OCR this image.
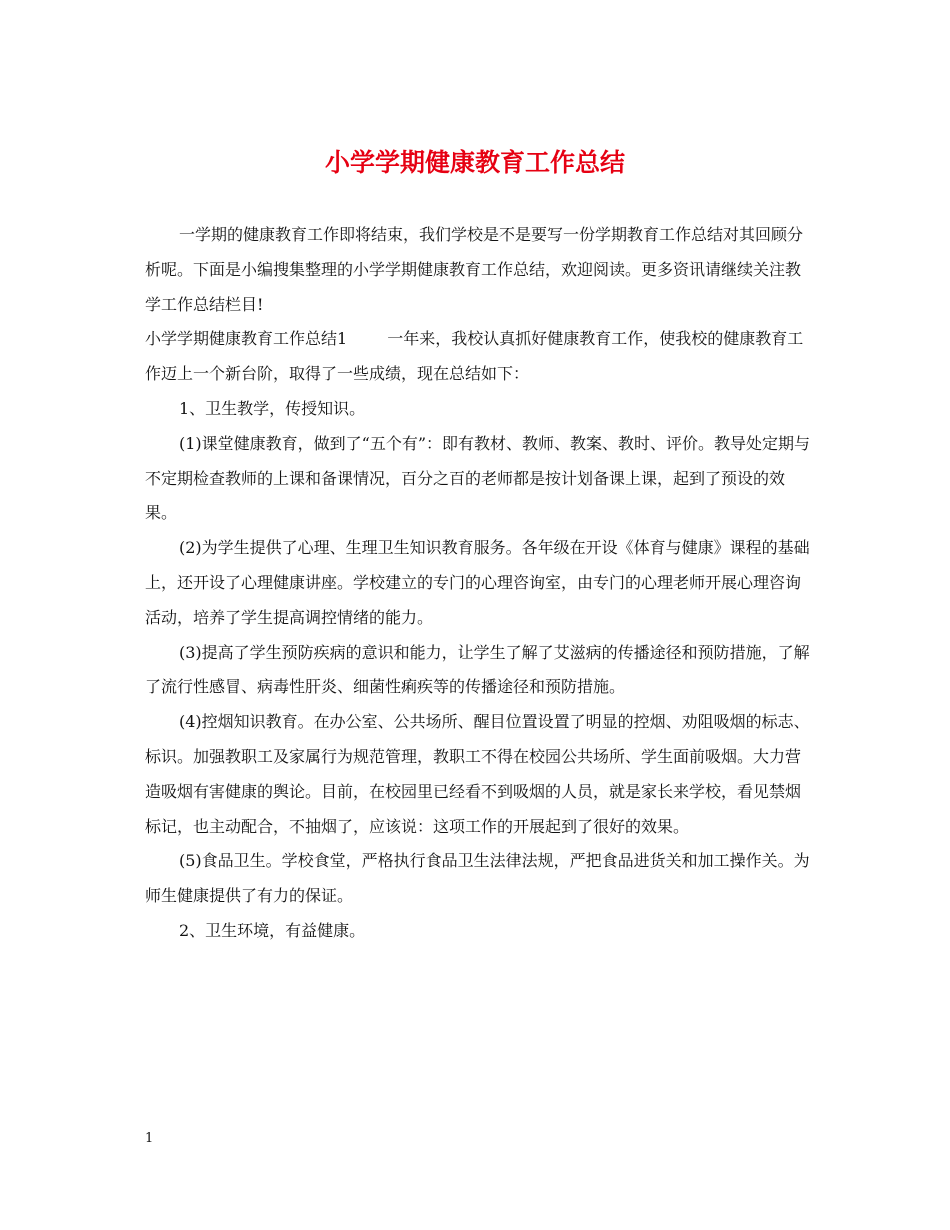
小学学期健康教育工作总结

一学期的健康教育工作即将结束，我们学校是不是要写一份学期教育工作总结对其回顾分析呢。下面是小编搜集整理的小学学期健康教育工作总结，欢迎阅读。更多资讯请继续关注教学工作总结栏目!

小学学期健康教育工作总结1	一年来，我校认真抓好健康教育工作，使我校的健康教育工作迈上一个新台阶，取得了一些成绩，现在总结如下：

1、卫生教学，传授知识。

(1)课堂健康教育，做到了“五个有”：即有教材、教师、教案、教时、评价。教导处定期与不定期检查教师的上课和备课情况，百分之百的老师都是按计划备课上课，起到了预设的效果。

(2)为学生提供了心理、生理卫生知识教育服务。各年级在开设《体育与健康》课程的基础上，还开设了心理健康讲座。学校建立的专门的心理咨询室，由专门的心理老师开展心理咨询活动，培养了学生提高调控情绪的能力。

(3)提高了学生预防疾病的意识和能力，让学生了解了艾滋病的传播途径和预防措施，了解了流行性感冒、病毒性肝炎、细菌性痢疾等的传播途径和预防措施。

(4)控烟知识教育。在办公室、公共场所、醒目位置设置了明显的控烟、劝阻吸烟的标志、标识。加强教职工及家属行为规范管理，教职工不得在校园公共场所、学生面前吸烟。大力营造吸烟有害健康的舆论。目前，在校园里已经看不到吸烟的人员，就是家长来学校，看见禁烟标记，也主动配合，不抽烟了，应该说：这项工作的开展起到了很好的效果。

(5)食品卫生。学校食堂，严格执行食品卫生法律法规，严把食品进货关和加工操作关。为师生健康提供了有力的保证。

2、卫生环境，有益健康。

1
